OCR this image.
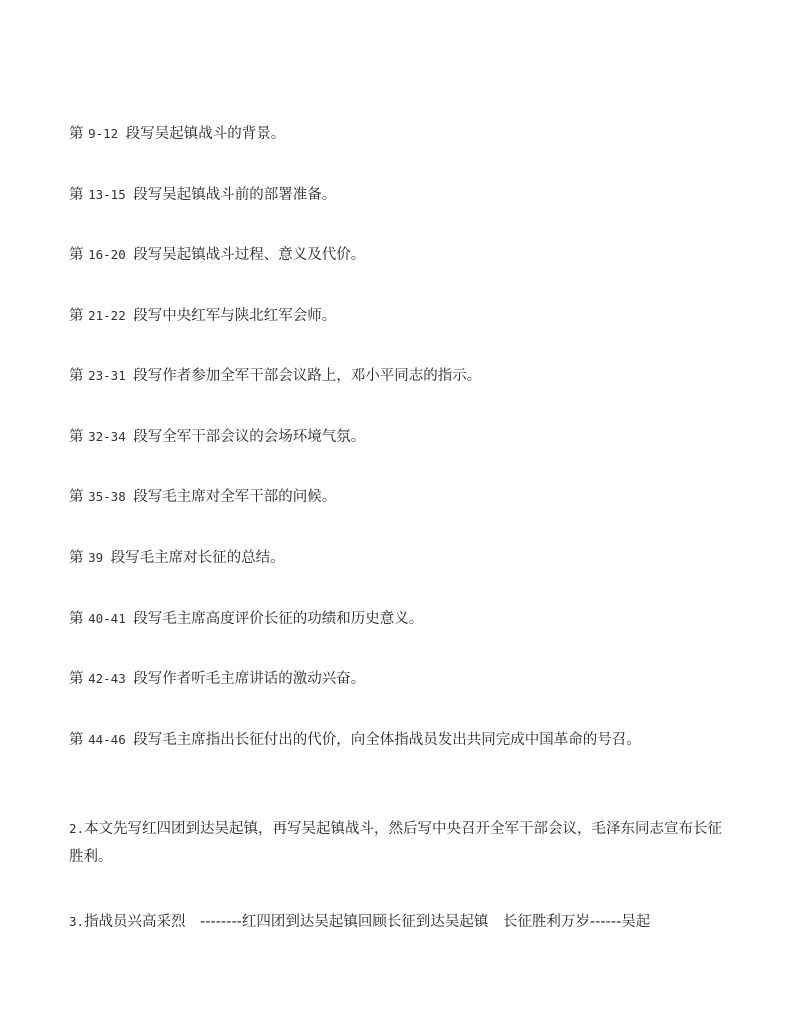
第 9-12 段写吴起镇战斗的背景。
第 13-15 段写吴起镇战斗前的部署准备。
第 16-20 段写吴起镇战斗过程、意义及代价。
第 21-22 段写中央红军与陕北红军会师。
第 23-31 段写作者参加全军干部会议路上，邓小平同志的指示。
第 32-34 段写全军干部会议的会场环境气氛。
第 35-38 段写毛主席对全军干部的问候。
第 39 段写毛主席对长征的总结。
第 40-41 段写毛主席高度评价长征的功绩和历史意义。
第 42-43 段写作者听毛主席讲话的激动兴奋。
第 44-46 段写毛主席指出长征付出的代价，向全体指战员发出共同完成中国革命的号召。
2.本文先写红四团到达吴起镇，再写吴起镇战斗，然后写中央召开全军干部会议，毛泽东同志宣布长征胜利。
3.指战员兴高采烈　--------红四团到达吴起镇回顾长征到达吴起镇　长征胜利万岁------吴起
